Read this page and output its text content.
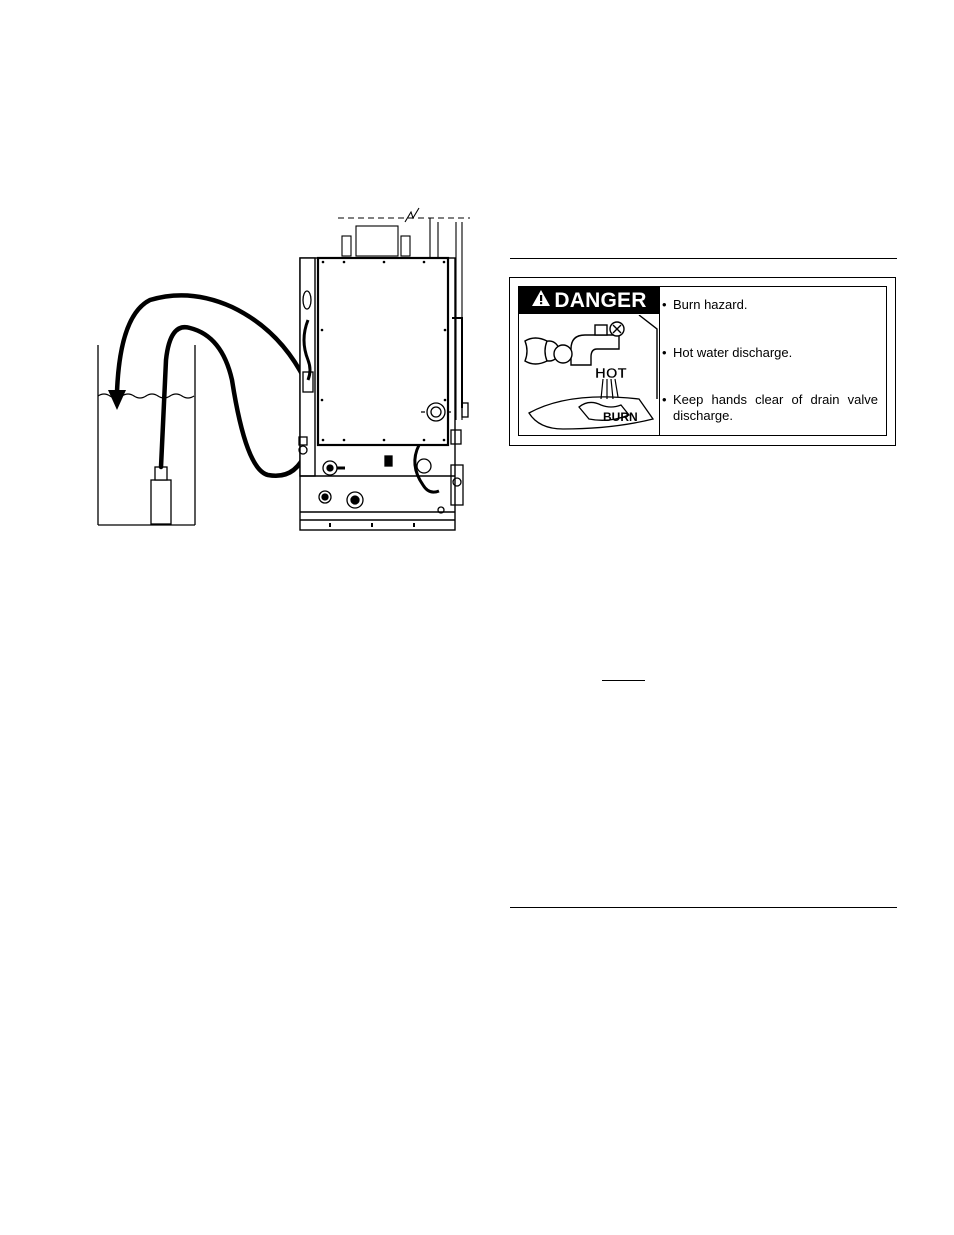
DANGER
HOT
BURN
• Burn hazard.
• Hot water discharge.
• Keep hands clear of drain valve discharge.
